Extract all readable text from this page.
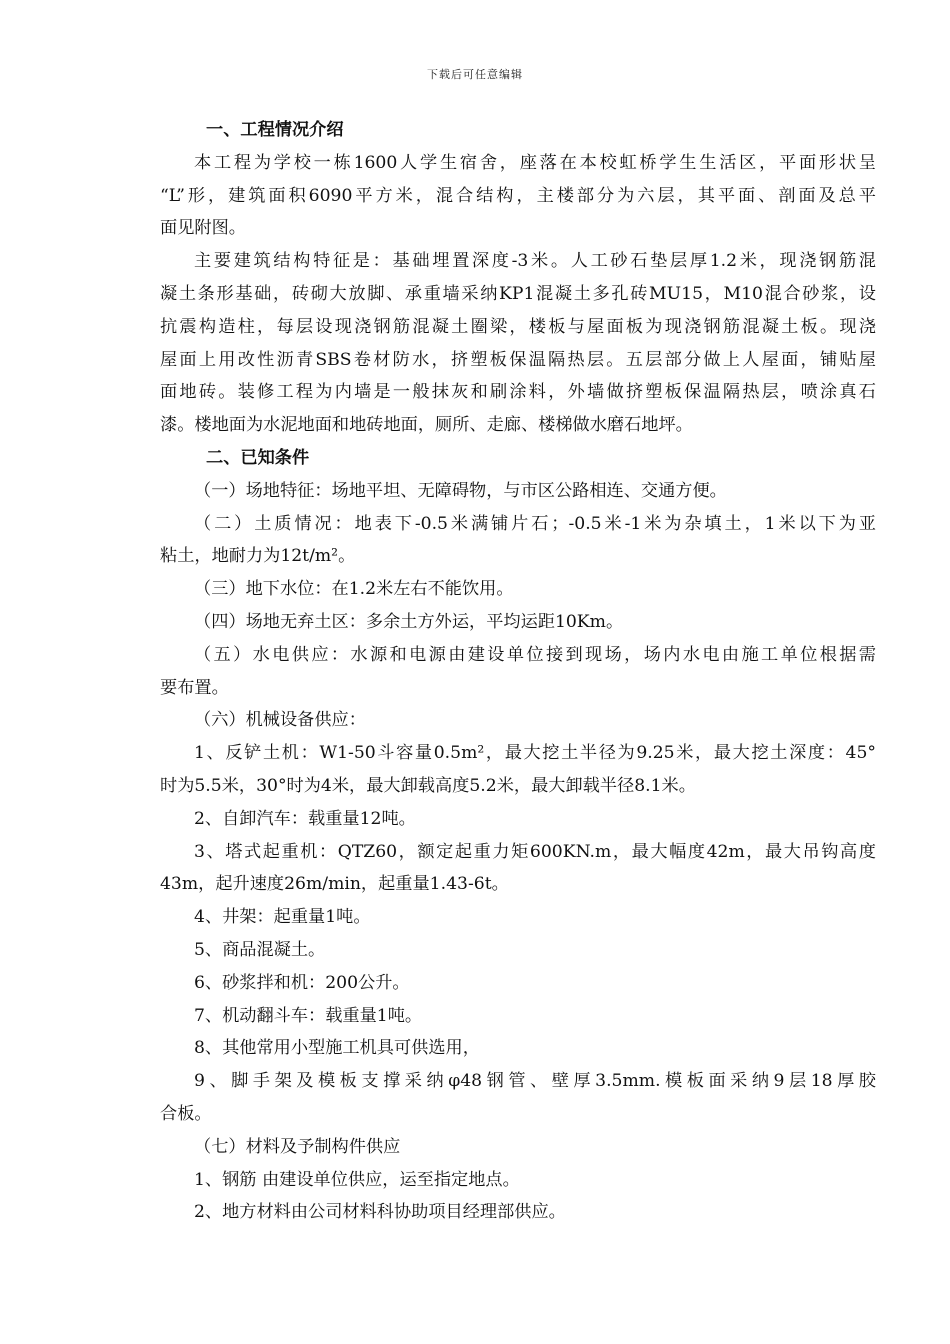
下载后可任意编辑
一、工程情况介绍
本工程为学校一栋1600人学生宿舍，座落在本校虹桥学生生活区，平面形状呈
“L”形，建筑面积6090平方米，混合结构，主楼部分为六层，其平面、剖面及总平
面见附图。
主要建筑结构特征是：基础埋置深度-3米。人工砂石垫层厚1.2米，现浇钢筋混
凝土条形基础，砖砌大放脚、承重墙采纳KP1混凝土多孔砖MU15，M10混合砂浆，设
抗震构造柱，每层设现浇钢筋混凝土圈梁，楼板与屋面板为现浇钢筋混凝土板。现浇
屋面上用改性沥青SBS卷材防水，挤塑板保温隔热层。五层部分做上人屋面，铺贴屋
面地砖。装修工程为内墙是一般抹灰和刷涂料，外墙做挤塑板保温隔热层，喷涂真石
漆。楼地面为水泥地面和地砖地面，厕所、走廊、楼梯做水磨石地坪。
二、已知条件
（一）场地特征：场地平坦、无障碍物，与市区公路相连、交通方便。
（二）土质情况：地表下-0.5米满铺片石；-0.5米-1米为杂填土，1米以下为亚
粘土，地耐力为12t/m²。
（三）地下水位：在1.2米左右不能饮用。
（四）场地无弃土区：多余土方外运，平均运距10Km。
（五）水电供应：水源和电源由建设单位接到现场，场内水电由施工单位根据需
要布置。
（六）机械设备供应：
1、反铲土机：W1-50斗容量0.5m²，最大挖土半径为9.25米，最大挖土深度：45°
时为5.5米，30°时为4米，最大卸载高度5.2米，最大卸载半径8.1米。
2、自卸汽车：载重量12吨。
3、塔式起重机：QTZ60，额定起重力矩600KN.m，最大幅度42m，最大吊钩高度
43m，起升速度26m/min，起重量1.43-6t。
4、井架：起重量1吨。
5、商品混凝土。
6、砂浆拌和机：200公升。
7、机动翻斗车：载重量1吨。
8、其他常用小型施工机具可供选用，
9、脚手架及模板支撑采纳φ48钢管、壁厚3.5mm.模板面采纳9层18厚胶
合板。
（七）材料及予制构件供应
1、钢筋 由建设单位供应，运至指定地点。
2、地方材料由公司材料科协助项目经理部供应。
